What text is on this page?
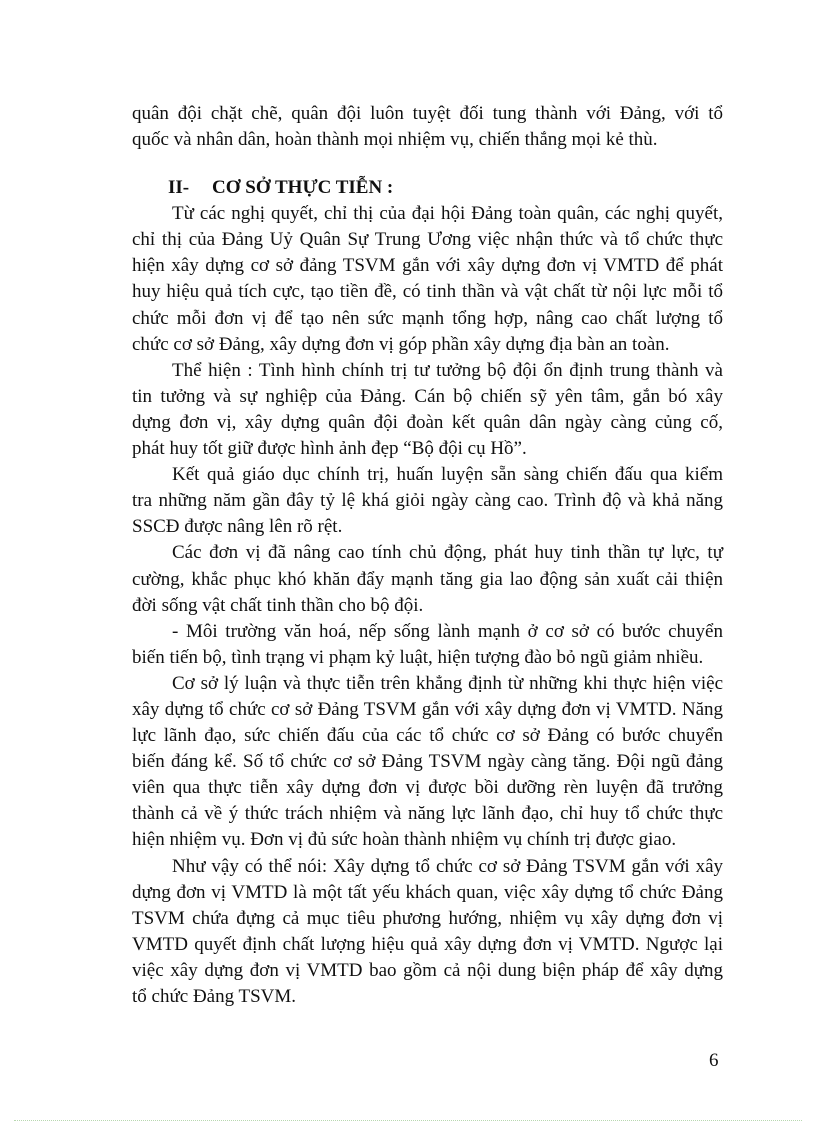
quân đội chặt chẽ, quân đội luôn tuyệt đối tung thành với Đảng, với tổ
quốc và nhân dân, hoàn thành mọi nhiệm vụ, chiến thắng mọi kẻ thù.
II- CƠ SỞ THỰC TIỄN :
Từ các nghị quyết, chỉ thị của đại hội Đảng toàn quân, các nghị quyết,
chỉ thị của Đảng Uỷ Quân Sự Trung Ương việc nhận thức và tổ chức thực
hiện xây dựng cơ sở đảng TSVM gắn với xây dựng đơn vị VMTD để phát
huy hiệu quả tích cực, tạo tiền đề, có tinh thần và vật chất từ nội lực mỗi tổ
chức mỗi đơn vị để tạo nên sức mạnh tổng hợp, nâng cao chất lượng tổ
chức cơ sở Đảng, xây dựng đơn vị góp phần xây dựng địa bàn an toàn.
Thể hiện : Tình hình chính trị tư tưởng bộ đội ổn định trung thành và
tin tưởng và sự nghiệp của Đảng. Cán bộ chiến sỹ yên tâm, gắn bó xây
dựng đơn vị, xây dựng quân đội đoàn kết quân dân ngày càng củng cố,
phát huy tốt giữ được hình ảnh đẹp “Bộ đội cụ Hồ”.
Kết quả giáo dục chính trị, huấn luyện sẵn sàng chiến đấu qua kiểm
tra những năm gần đây tỷ lệ khá giỏi ngày càng cao. Trình độ và khả năng
SSCĐ được nâng lên rõ rệt.
Các đơn vị đã nâng cao tính chủ động, phát huy tinh thần tự lực, tự
cường, khắc phục khó khăn đẩy mạnh tăng gia lao động sản xuất cải thiện
đời sống vật chất tinh thần cho bộ đội.
- Môi trường văn hoá, nếp sống lành mạnh ở cơ sở có bước chuyển
biến tiến bộ, tình trạng vi phạm kỷ luật, hiện tượng đào bỏ ngũ giảm nhiều.
Cơ sở lý luận và thực tiễn trên khẳng định từ những khi thực hiện việc
xây dựng tổ chức cơ sở Đảng TSVM gắn với xây dựng đơn vị VMTD. Năng
lực lãnh đạo, sức chiến đấu của các tổ chức cơ sở Đảng có bước chuyển
biến đáng kể. Số tổ chức cơ sở Đảng TSVM ngày càng tăng. Đội ngũ đảng
viên qua thực tiễn xây dựng đơn vị được bồi dưỡng rèn luyện đã trưởng
thành cả về ý thức trách nhiệm và năng lực lãnh đạo, chỉ huy tổ chức thực
hiện nhiệm vụ. Đơn vị đủ sức hoàn thành nhiệm vụ chính trị được giao.
Như vậy có thể nói: Xây dựng tổ chức cơ sở Đảng TSVM gắn với xây
dựng đơn vị VMTD là một tất yếu khách quan, việc xây dựng tổ chức Đảng
TSVM chứa đựng cả mục tiêu phương hướng, nhiệm vụ xây dựng đơn vị
VMTD quyết định chất lượng hiệu quả xây dựng đơn vị VMTD. Ngược lại
việc xây dựng đơn vị VMTD bao gồm cả nội dung biện pháp để xây dựng
tổ chức Đảng TSVM.
6
